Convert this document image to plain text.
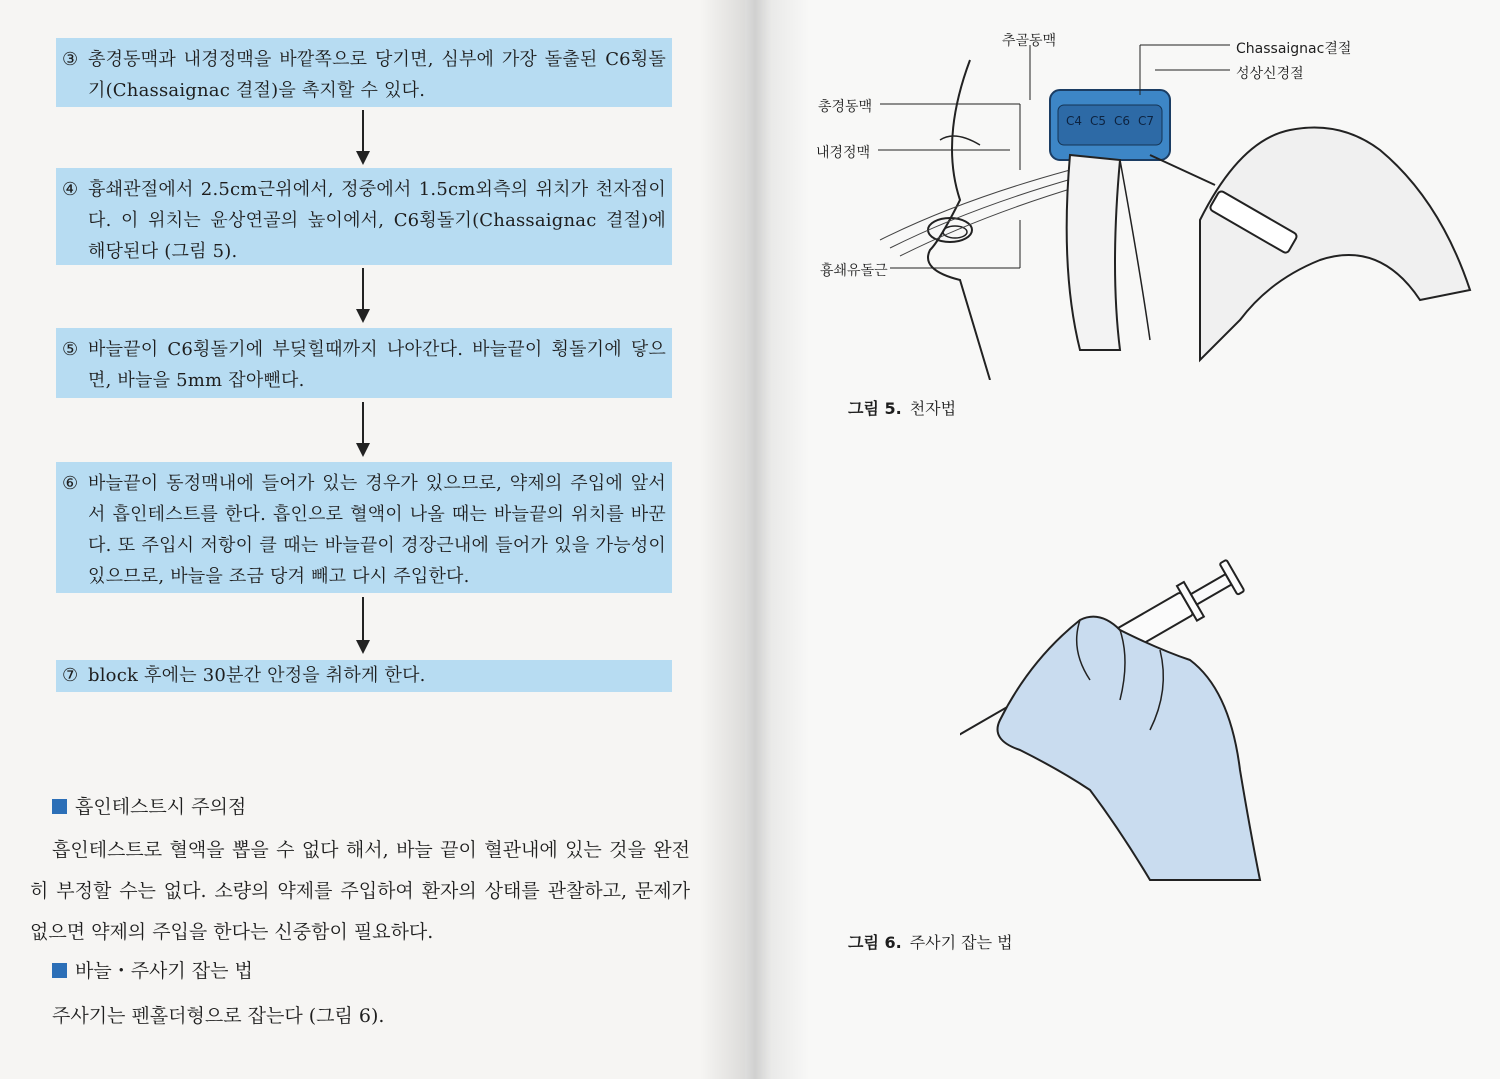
③ 총경동맥과 내경정맥을 바깥쪽으로 당기면, 심부에 가장 돌출된 C6횡돌기(Chassaignac 결절)을 촉지할 수 있다.
④ 흉쇄관절에서 2.5cm근위에서, 정중에서 1.5cm외측의 위치가 천자점이다. 이 위치는 윤상연골의 높이에서, C6횡돌기(Chassaignac 결절)에 해당된다 (그림 5).
⑤ 바늘끝이 C6횡돌기에 부딪힐때까지 나아간다. 바늘끝이 횡돌기에 닿으면, 바늘을 5mm 잡아뺀다.
⑥ 바늘끝이 동정맥내에 들어가 있는 경우가 있으므로, 약제의 주입에 앞서서 흡인테스트를 한다. 흡인으로 혈액이 나올 때는 바늘끝의 위치를 바꾼다. 또 주입시 저항이 클 때는 바늘끝이 경장근내에 들어가 있을 가능성이 있으므로, 바늘을 조금 당겨 빼고 다시 주입한다.
⑦ block 후에는 30분간 안정을 취하게 한다.
흡인테스트시 주의점
흡인테스트로 혈액을 뽑을 수 없다 해서, 바늘 끝이 혈관내에 있는 것을 완전히 부정할 수는 없다. 소량의 약제를 주입하여 환자의 상태를 관찰하고, 문제가 없으면 약제의 주입을 한다는 신중함이 필요하다.
바늘・주사기 잡는 법
주사기는 펜홀더형으로 잡는다 (그림 6).
추골동맥	Chassaignac결절
성상신경절
총경동맥
내경정맥
흉쇄유돌근
C4 C5 C6 C7
그림 5. 천자법
그림 6. 주사기 잡는 법
